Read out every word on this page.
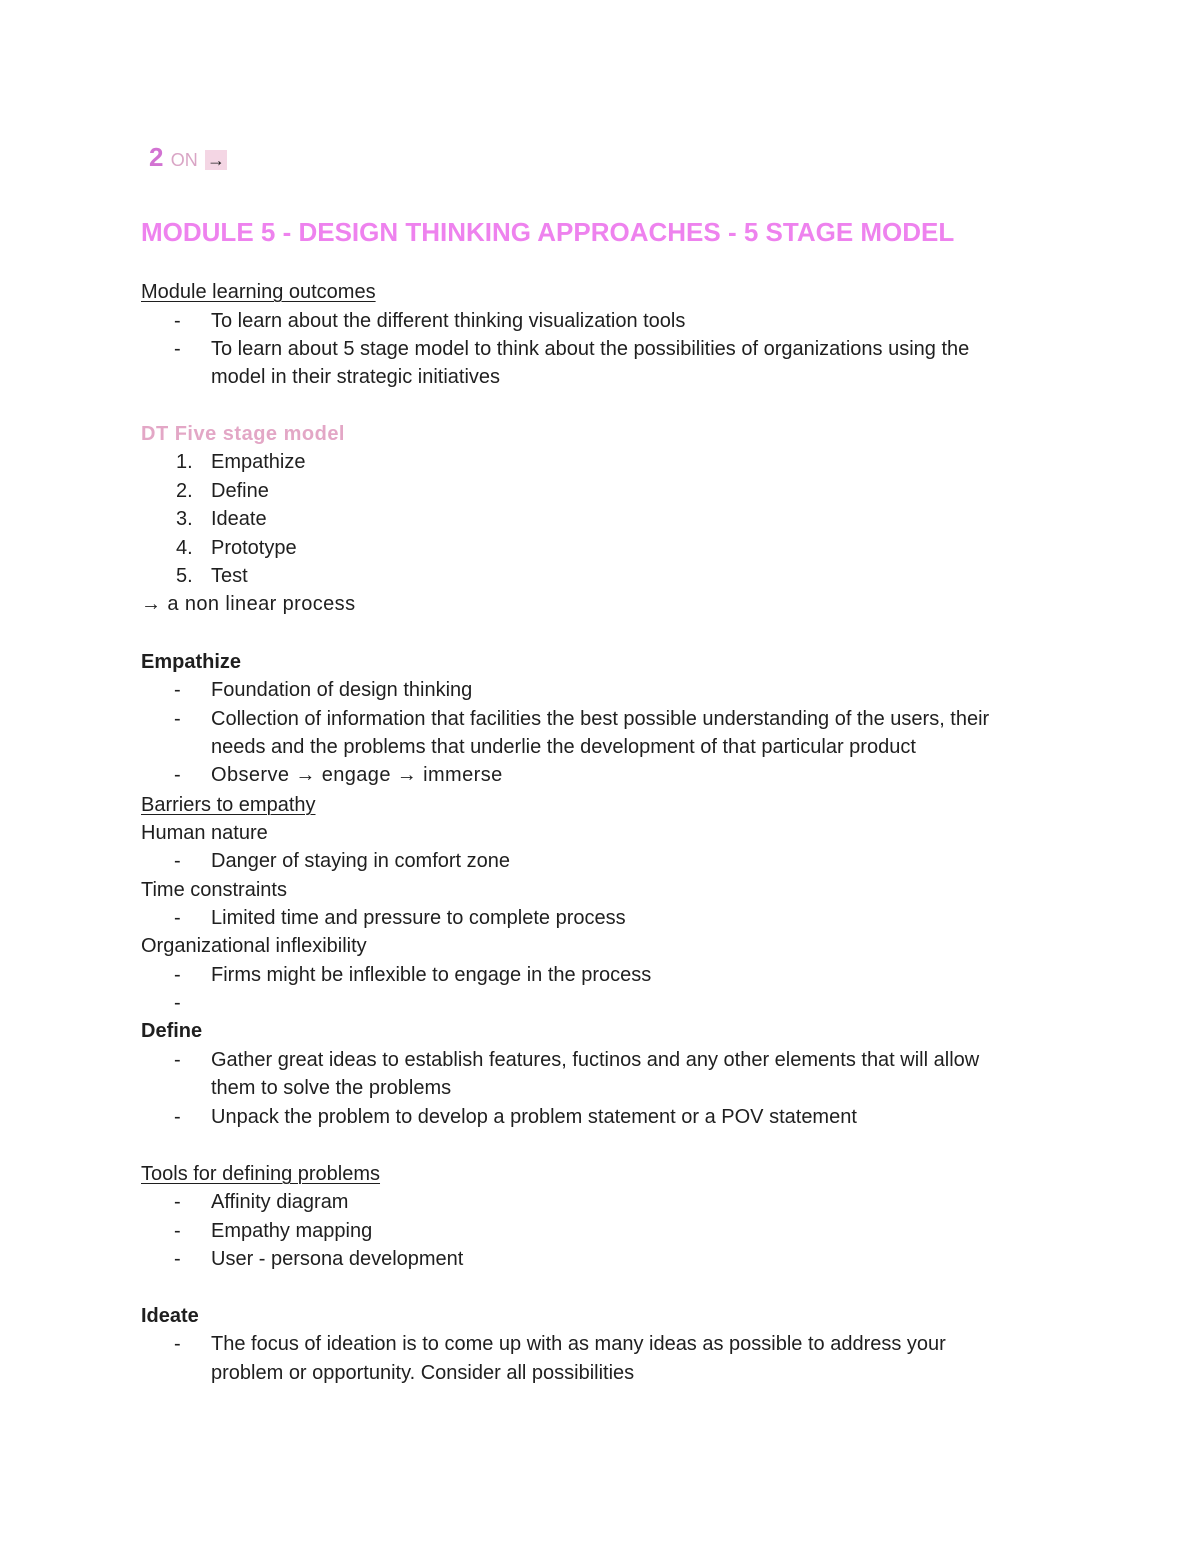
2 ON →
MODULE 5 - DESIGN THINKING APPROACHES - 5 STAGE MODEL
Module learning outcomes
- To learn about the different thinking visualization tools
- To learn about 5 stage model to think about the possibilities of organizations using the
model in their strategic initiatives
DT Five stage model
1. Empathize
2. Define
3. Ideate
4. Prototype
5. Test
→ a non linear process
Empathize
- Foundation of design thinking
- Collection of information that facilities the best possible understanding of the users, their
needs and the problems that underlie the development of that particular product
- Observe → engage → immerse
Barriers to empathy
Human nature
- Danger of staying in comfort zone
Time constraints
- Limited time and pressure to complete process
Organizational inflexibility
- Firms might be inflexible to engage in the process
-
Define
- Gather great ideas to establish features, fuctinos and any other elements that will allow
them to solve the problems
- Unpack the problem to develop a problem statement or a POV statement
Tools for defining problems
- Affinity diagram
- Empathy mapping
- User - persona development
Ideate
- The focus of ideation is to come up with as many ideas as possible to address your
problem or opportunity. Consider all possibilities
